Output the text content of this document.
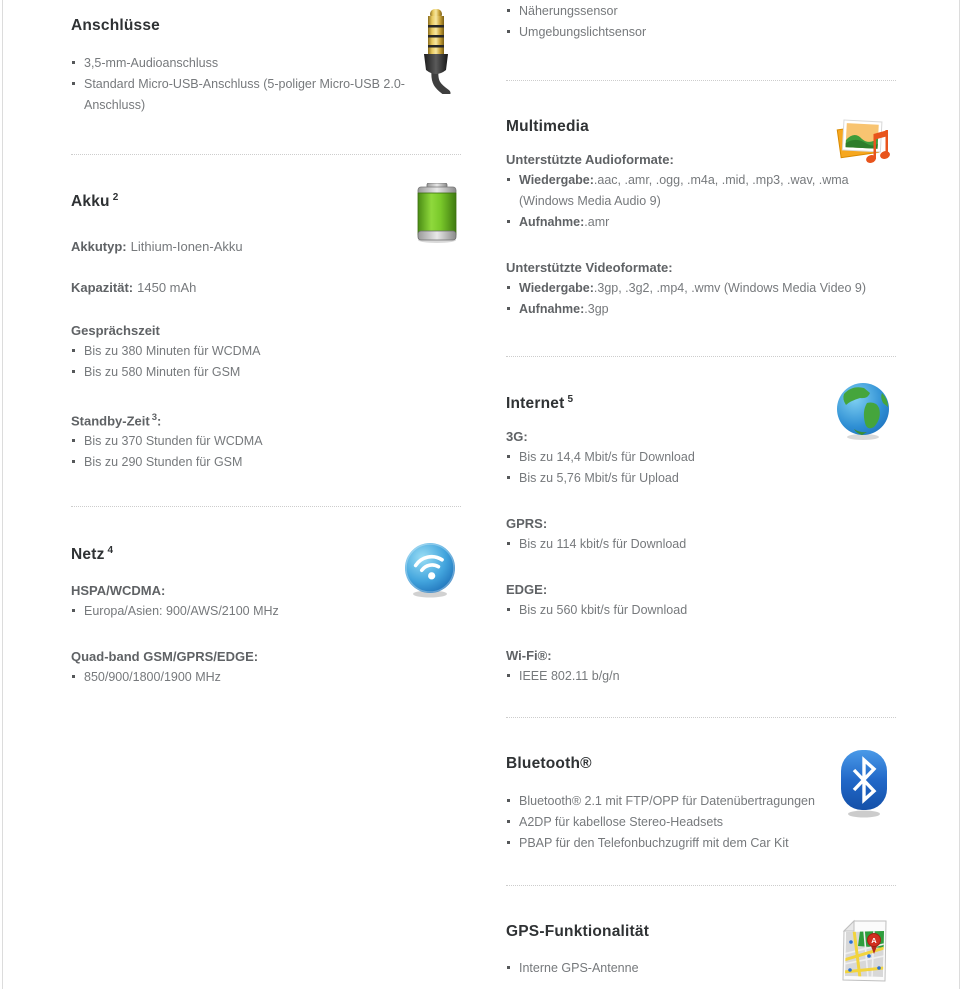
Anschlüsse
3,5-mm-Audioanschluss
Standard Micro-USB-Anschluss (5-poliger Micro-USB 2.0-Anschluss)
Akku $^2$

Akkutyp: Lithium-Ionen-Akku

Kapazität: 1450 mAh

Gesprächszeit
Bis zu 380 Minuten für WCDMA
Bis zu 580 Minuten für GSM
Standby-Zeit $^3$:
Bis zu 370 Stunden für WCDMA
Bis zu 290 Stunden für GSM
Netz $^4$
HSPA/WCDMA:
Europa/Asien: 900/AWS/2100 MHz
Quad-band GSM/GPRS/EDGE:
850/900/1800/1900 MHz
Näherungssensor
Umgebungslichtsensor
Multimedia
Unterstützte Audioformate:
Wiedergabe:.aac, .amr, .ogg, .m4a, .mid, .mp3, .wav, .wma (Windows Media Audio 9)
Aufnahme:.amr
Unterstützte Videoformate:
Wiedergabe:.3gp, .3g2, .mp4, .wmv (Windows Media Video 9)
Aufnahme:.3gp
Internet $^5$
3G:
Bis zu 14,4 Mbit/s für Download
Bis zu 5,76 Mbit/s für Upload
GPRS:
Bis zu 114 kbit/s für Download
EDGE:
Bis zu 560 kbit/s für Download
Wi-Fi®:
IEEE 802.11 b/g/n
Bluetooth®
Bluetooth® 2.1 mit FTP/OPP für Datenübertragungen
A2DP für kabellose Stereo-Headsets
PBAP für den Telefonbuchzugriff mit dem Car Kit
A
GPS-Funktionalität
Interne GPS-Antenne
